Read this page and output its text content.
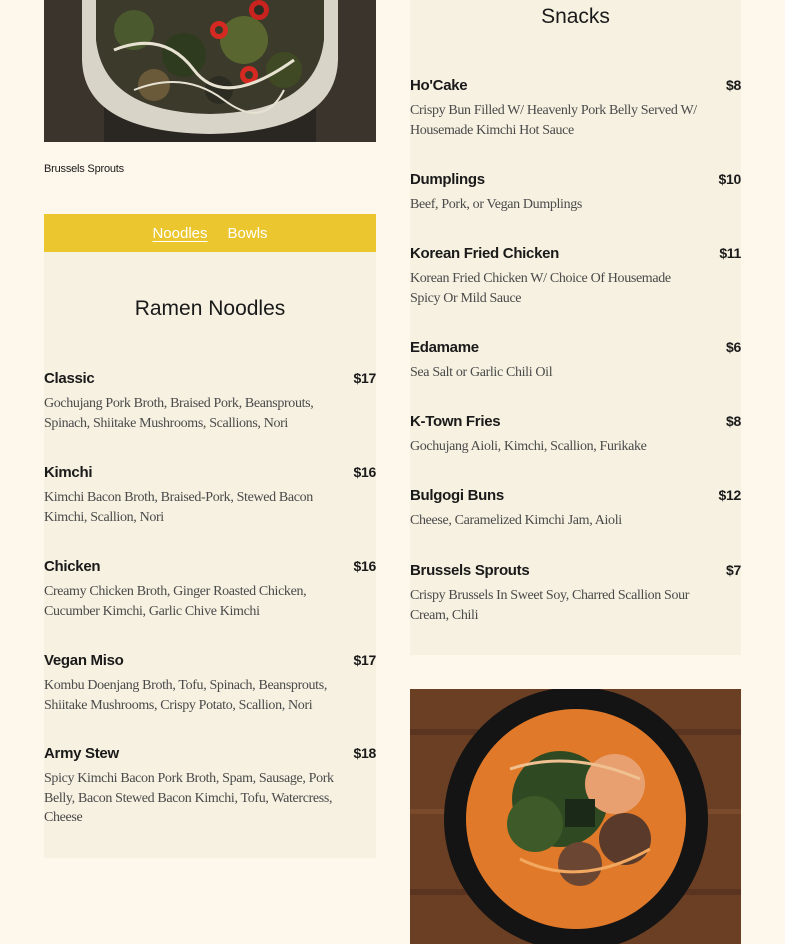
Brussels Sprouts
Noodles Bowls
Ramen Noodles
Classic	$17
Gochujang Pork Broth, Braised Pork, Beansprouts, Spinach, Shiitake Mushrooms, Scallions, Nori
Kimchi	$16
Kimchi Bacon Broth, Braised-Pork, Stewed Bacon Kimchi, Scallion, Nori
Chicken	$16
Creamy Chicken Broth, Ginger Roasted Chicken, Cucumber Kimchi, Garlic Chive Kimchi
Vegan Miso	$17
Kombu Doenjang Broth, Tofu, Spinach, Beansprouts, Shiitake Mushrooms, Crispy Potato, Scallion, Nori
Army Stew	$18
Spicy Kimchi Bacon Pork Broth, Spam, Sausage, Pork Belly, Bacon Stewed Bacon Kimchi, Tofu, Watercress, Cheese
Snacks
Ho'Cake	$8
Crispy Bun Filled W/ Heavenly Pork Belly Served W/ Housemade Kimchi Hot Sauce
Dumplings	$10
Beef, Pork, or Vegan Dumplings
Korean Fried Chicken	$11
Korean Fried Chicken W/ Choice Of Housemade Spicy Or Mild Sauce
Edamame	$6
Sea Salt or Garlic Chili Oil
K-Town Fries	$8
Gochujang Aioli, Kimchi, Scallion, Furikake
Bulgogi Buns	$12
Cheese, Caramelized Kimchi Jam, Aioli
Brussels Sprouts	$7
Crispy Brussels In Sweet Soy, Charred Scallion Sour Cream, Chili
